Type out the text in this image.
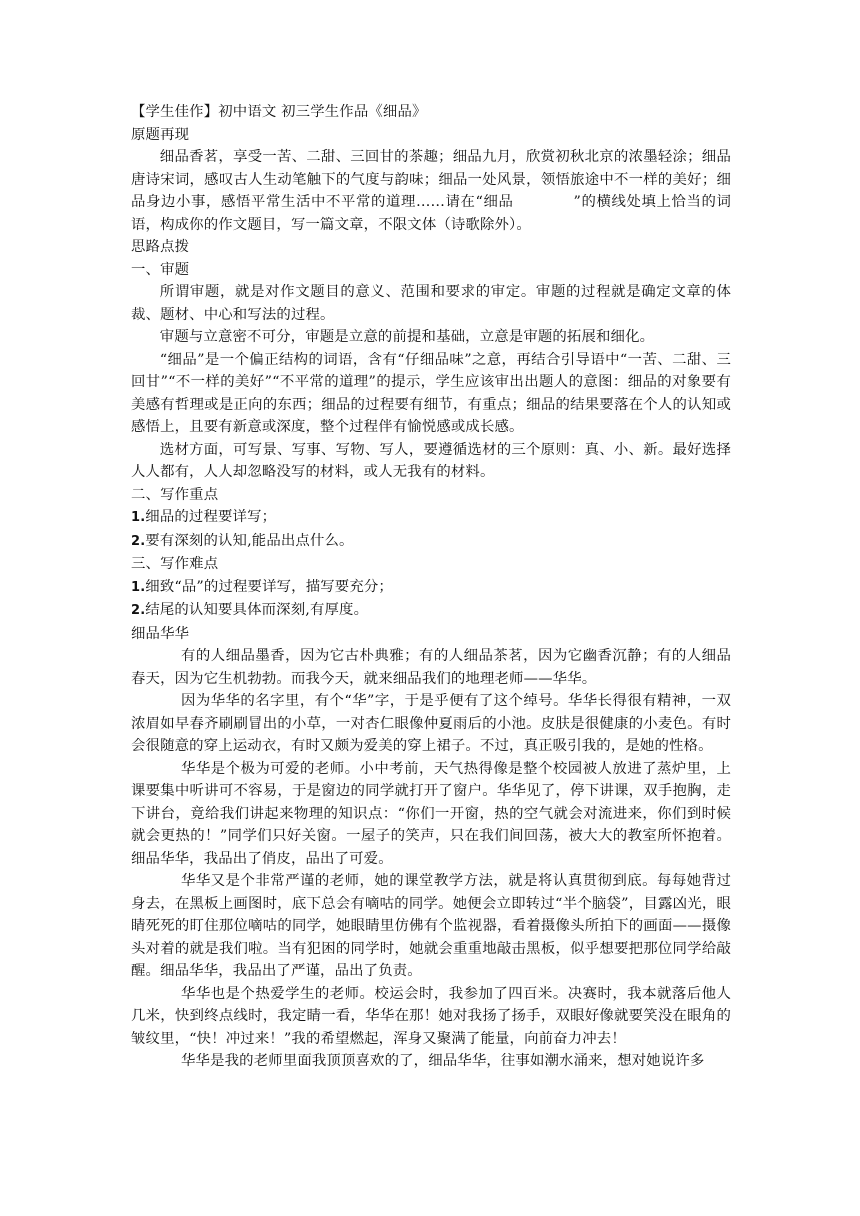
【学生佳作】初中语文 初三学生作品《细品》

原题再现

细品香茗，享受一苦、二甜、三回甘的茶趣；细品九月，欣赏初秋北京的浓墨轻涂；细品唐诗宋词，感叹古人生动笔触下的气度与韵味；细品一处风景，领悟旅途中不一样的美好；细品身边小事，感悟平常生活中不平常的道理……请在“细品　　　　”的横线处填上恰当的词语，构成你的作文题目，写一篇文章，不限文体（诗歌除外）。

思路点拨

一、审题

所谓审题，就是对作文题目的意义、范围和要求的审定。审题的过程就是确定文章的体裁、题材、中心和写法的过程。

审题与立意密不可分，审题是立意的前提和基础，立意是审题的拓展和细化。

“细品”是一个偏正结构的词语，含有“仔细品味”之意，再结合引导语中“一苦、二甜、三回甘”“不一样的美好”“不平常的道理”的提示，学生应该审出出题人的意图：细品的对象要有美感有哲理或是正向的东西；细品的过程要有细节，有重点；细品的结果要落在个人的认知或感悟上，且要有新意或深度，整个过程伴有愉悦感或成长感。

选材方面，可写景、写事、写物、写人，要遵循选材的三个原则：真、小、新。最好选择人人都有，人人却忽略没写的材料，或人无我有的材料。

二、写作重点

1.细品的过程要详写；

2.要有深刻的认知,能品出点什么。

三、写作难点

1.细致“品”的过程要详写，描写要充分；

2.结尾的认知要具体而深刻,有厚度。

细品华华

有的人细品墨香，因为它古朴典雅；有的人细品茶茗，因为它幽香沉静；有的人细品春天，因为它生机勃勃。而我今天，就来细品我们的地理老师——华华。

因为华华的名字里，有个“华”字，于是乎便有了这个绰号。华华长得很有精神，一双浓眉如早春齐刷刷冒出的小草，一对杏仁眼像仲夏雨后的小池。皮肤是很健康的小麦色。有时会很随意的穿上运动衣，有时又颇为爱美的穿上裙子。不过，真正吸引我的，是她的性格。

华华是个极为可爱的老师。小中考前，天气热得像是整个校园被人放进了蒸炉里，上课要集中听讲可不容易，于是窗边的同学就打开了窗户。华华见了，停下讲课，双手抱胸，走下讲台，竟给我们讲起来物理的知识点：“你们一开窗，热的空气就会对流进来，你们到时候就会更热的！”同学们只好关窗。一屋子的笑声，只在我们间回荡，被大大的教室所怀抱着。细品华华，我品出了俏皮，品出了可爱。

华华又是个非常严谨的老师，她的课堂教学方法，就是将认真贯彻到底。每每她背过身去，在黑板上画图时，底下总会有嘀咕的同学。她便会立即转过“半个脑袋”，目露凶光，眼睛死死的盯住那位嘀咕的同学，她眼睛里仿佛有个监视器，看着摄像头所拍下的画面——摄像头对着的就是我们啦。当有犯困的同学时，她就会重重地敲击黑板，似乎想要把那位同学给敲醒。细品华华，我品出了严谨，品出了负责。

华华也是个热爱学生的老师。校运会时，我参加了四百米。决赛时，我本就落后他人几米，快到终点线时，我定睛一看，华华在那！她对我扬了扬手，双眼好像就要笑没在眼角的皱纹里，“快！冲过来！”我的希望燃起，浑身又聚满了能量，向前奋力冲去！

华华是我的老师里面我顶顶喜欢的了，细品华华，往事如潮水涌来，想对她说许多
